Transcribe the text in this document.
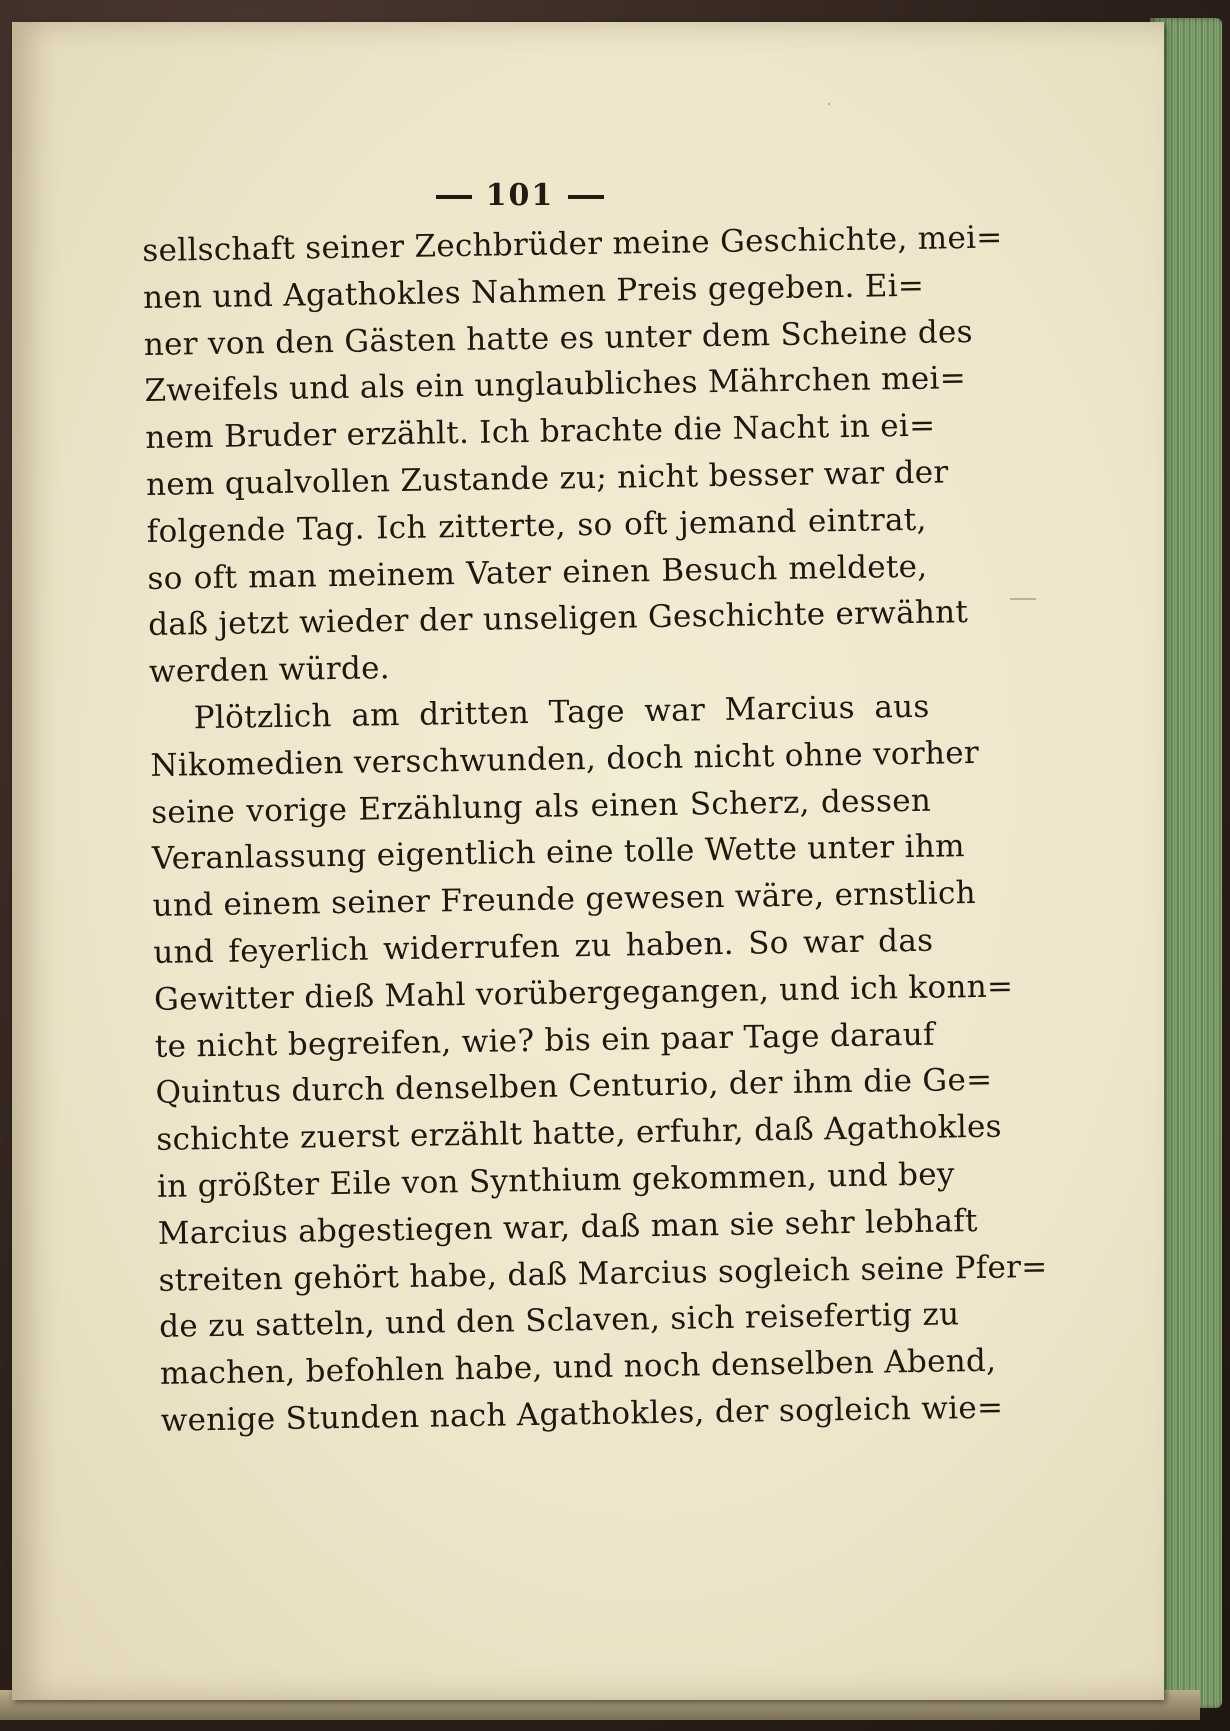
101
sellschaft seiner Zechbrüder meine Geschichte, mei=
nen und Agathokles Nahmen Preis gegeben. Ei=
ner von den Gästen hatte es unter dem Scheine des
Zweifels und als ein unglaubliches Mährchen mei=
nem Bruder erzählt. Ich brachte die Nacht in ei=
nem qualvollen Zustande zu; nicht besser war der
folgende Tag. Ich zitterte, so oft jemand eintrat,
so oft man meinem Vater einen Besuch meldete,
daß jetzt wieder der unseligen Geschichte erwähnt
werden würde.
Plötzlich am dritten Tage war Marcius aus
Nikomedien verschwunden, doch nicht ohne vorher
seine vorige Erzählung als einen Scherz, dessen
Veranlassung eigentlich eine tolle Wette unter ihm
und einem seiner Freunde gewesen wäre, ernstlich
und feyerlich widerrufen zu haben. So war das
Gewitter dieß Mahl vorübergegangen, und ich konn=
te nicht begreifen, wie? bis ein paar Tage darauf
Quintus durch denselben Centurio, der ihm die Ge=
schichte zuerst erzählt hatte, erfuhr, daß Agathokles
in größter Eile von Synthium gekommen, und bey
Marcius abgestiegen war, daß man sie sehr lebhaft
streiten gehört habe, daß Marcius sogleich seine Pfer=
de zu satteln, und den Sclaven, sich reisefertig zu
machen, befohlen habe, und noch denselben Abend,
wenige Stunden nach Agathokles, der sogleich wie=
